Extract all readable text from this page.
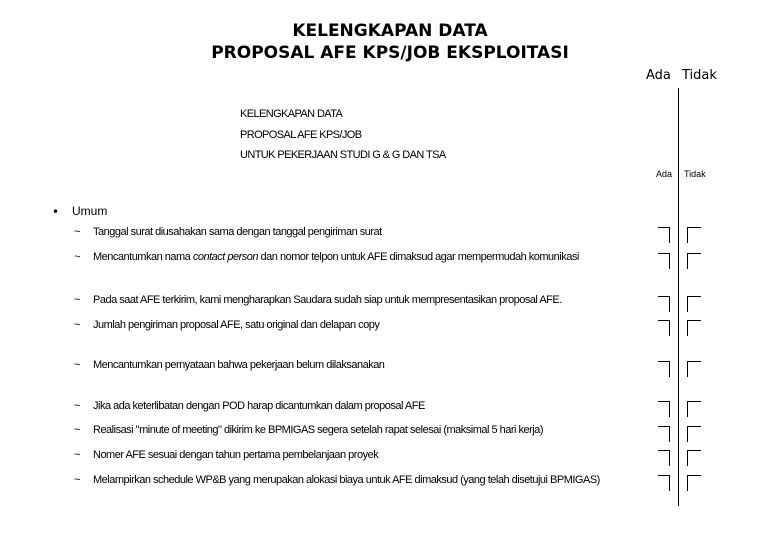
KELENGKAPAN DATA
PROPOSAL AFE KPS/JOB EKSPLOITASI
Ada Tidak
KELENGKAPAN DATA
PROPOSAL AFE KPS/JOB
UNTUK PEKERJAAN STUDI G & G DAN TSA
Ada Tidak
• Umum
~ Tanggal surat diusahakan sama dengan tanggal pengiriman surat
~ Mencantumkan nama contact person dan nomor telpon untuk AFE dimaksud agar mempermudah komunikasi
~ Pada saat AFE terkirim, kami mengharapkan Saudara sudah siap untuk mempresentasikan proposal AFE.
~ Jumlah pengiriman proposal AFE, satu original dan delapan copy
~ Mencantumkan pernyataan bahwa pekerjaan belum dilaksanakan
~ Jika ada keterlibatan dengan POD harap dicantumkan dalam proposal AFE
~ Realisasi "minute of meeting" dikirim ke BPMIGAS segera setelah rapat selesai (maksimal 5 hari kerja)
~ Nomer AFE sesuai dengan tahun pertama pembelanjaan proyek
~ Melampirkan schedule WP&B yang merupakan alokasi biaya untuk AFE dimaksud (yang telah disetujui BPMIGAS)
